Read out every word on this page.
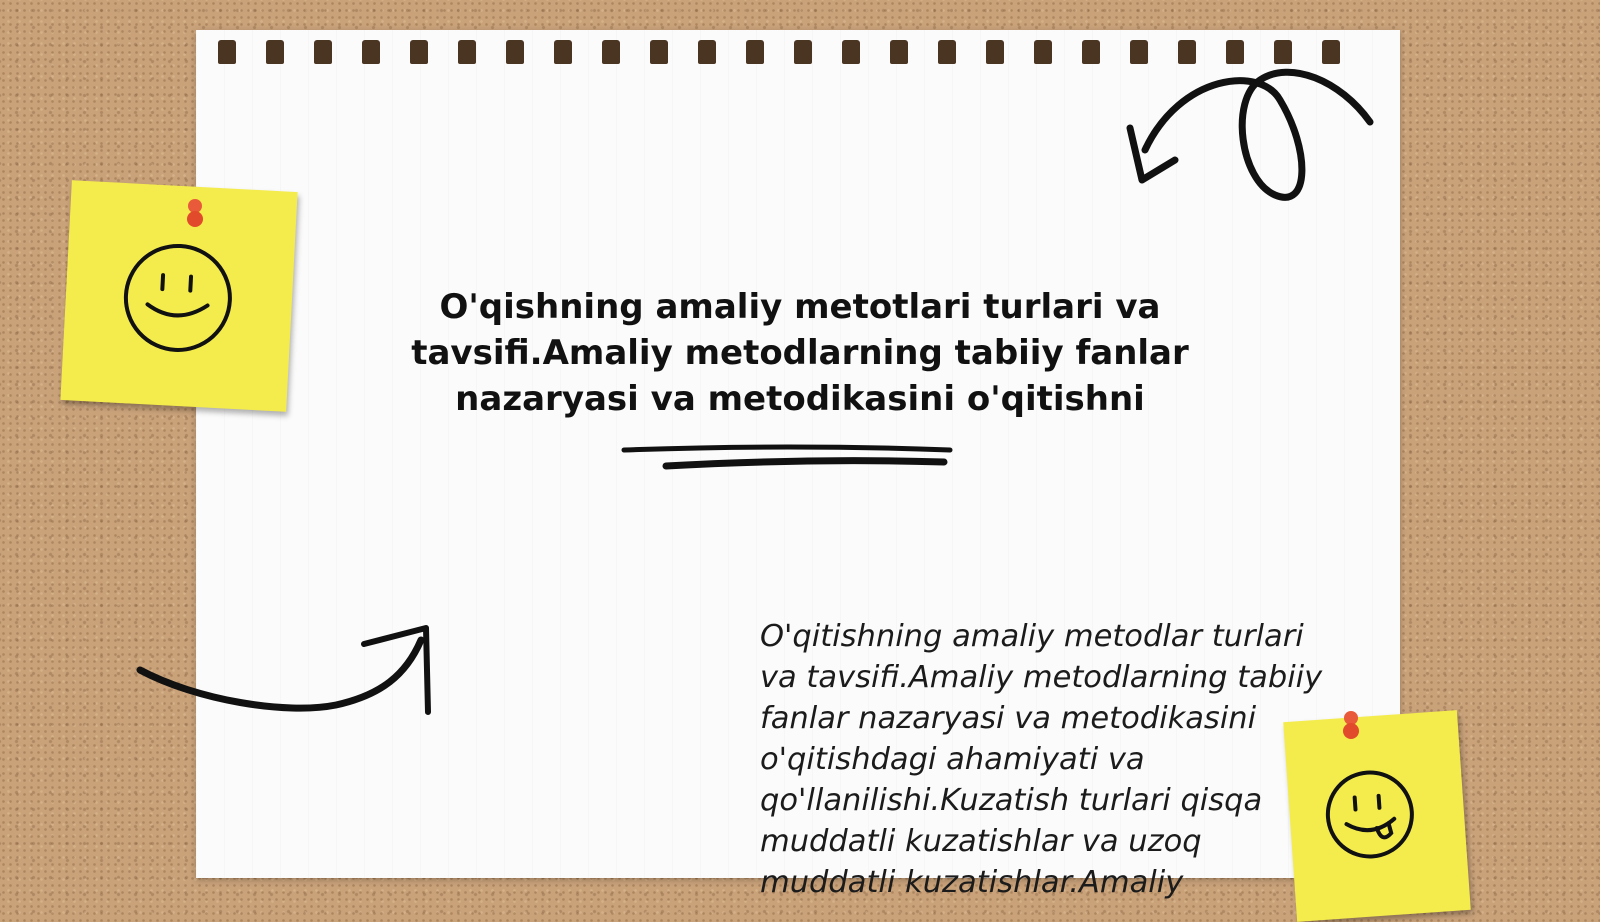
O'qishning amaliy metotlari turlari va tavsifi.Amaliy metodlarning tabiiy fanlar nazaryasi va metodikasini o'qitishni

O'qitishning amaliy metodlar turlari va tavsifi.Amaliy metodlarning tabiiy fanlar nazaryasi va metodikasini o'qitishdagi ahamiyati va qo'llanilishi.Kuzatish turlari qisqa muddatli kuzatishlar va uzoq muddatli kuzatishlar.Amaliy
